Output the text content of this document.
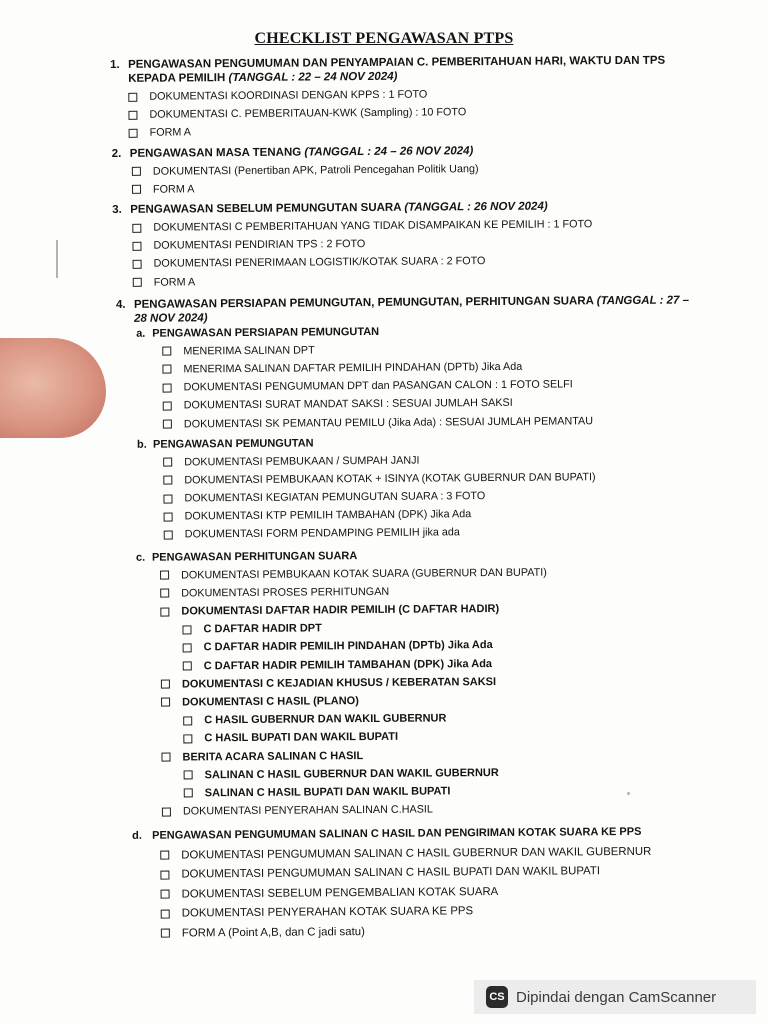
CHECKLIST PENGAWASAN PTPS
1. PENGAWASAN PENGUMUMAN DAN PENYAMPAIAN C. PEMBERITAHUAN HARI, WAKTU DAN TPS KEPADA PEMILIH (TANGGAL : 22 – 24 NOV 2024)
DOKUMENTASI KOORDINASI DENGAN KPPS : 1 FOTO
DOKUMENTASI C. PEMBERITAUAN-KWK (Sampling) : 10 FOTO
FORM A
2. PENGAWASAN MASA TENANG (TANGGAL : 24 – 26 NOV 2024)
DOKUMENTASI (Penertiban APK, Patroli Pencegahan Politik Uang)
FORM A
3. PENGAWASAN SEBELUM PEMUNGUTAN SUARA (TANGGAL : 26 NOV 2024)
DOKUMENTASI C PEMBERITAHUAN YANG TIDAK DISAMPAIKAN KE PEMILIH : 1 FOTO
DOKUMENTASI PENDIRIAN TPS : 2 FOTO
DOKUMENTASI PENERIMAAN LOGISTIK/KOTAK SUARA : 2 FOTO
FORM A
4. PENGAWASAN PERSIAPAN PEMUNGUTAN, PEMUNGUTAN, PERHITUNGAN SUARA (TANGGAL : 27 – 28 NOV 2024)
a. PENGAWASAN PERSIAPAN PEMUNGUTAN
MENERIMA SALINAN DPT
MENERIMA SALINAN DAFTAR PEMILIH PINDAHAN (DPTb) Jika Ada
DOKUMENTASI PENGUMUMAN DPT dan PASANGAN CALON : 1 FOTO SELFI
DOKUMENTASI SURAT MANDAT SAKSI : SESUAI JUMLAH SAKSI
DOKUMENTASI SK PEMANTAU PEMILU (Jika Ada) : SESUAI JUMLAH PEMANTAU
b. PENGAWASAN PEMUNGUTAN
DOKUMENTASI PEMBUKAAN / SUMPAH JANJI
DOKUMENTASI PEMBUKAAN KOTAK + ISINYA (KOTAK GUBERNUR DAN BUPATI)
DOKUMENTASI KEGIATAN PEMUNGUTAN SUARA : 3 FOTO
DOKUMENTASI KTP PEMILIH TAMBAHAN (DPK) Jika Ada
DOKUMENTASI FORM PENDAMPING PEMILIH jika ada
c. PENGAWASAN PERHITUNGAN SUARA
DOKUMENTASI PEMBUKAAN KOTAK SUARA (GUBERNUR DAN BUPATI)
DOKUMENTASI PROSES PERHITUNGAN
DOKUMENTASI DAFTAR HADIR PEMILIH (C DAFTAR HADIR)
C DAFTAR HADIR DPT
C DAFTAR HADIR PEMILIH PINDAHAN (DPTb) Jika Ada
C DAFTAR HADIR PEMILIH TAMBAHAN (DPK) Jika Ada
DOKUMENTASI C KEJADIAN KHUSUS / KEBERATAN SAKSI
DOKUMENTASI C HASIL (PLANO)
C HASIL GUBERNUR DAN WAKIL GUBERNUR
C HASIL BUPATI DAN WAKIL BUPATI
BERITA ACARA SALINAN C HASIL
SALINAN C HASIL GUBERNUR DAN WAKIL GUBERNUR
SALINAN C HASIL BUPATI DAN WAKIL BUPATI
DOKUMENTASI PENYERAHAN SALINAN C.HASIL
d. PENGAWASAN PENGUMUMAN SALINAN C HASIL DAN PENGIRIMAN KOTAK SUARA KE PPS
DOKUMENTASI PENGUMUMAN SALINAN C HASIL GUBERNUR DAN WAKIL GUBERNUR
DOKUMENTASI PENGUMUMAN SALINAN C HASIL BUPATI DAN WAKIL BUPATI
DOKUMENTASI SEBELUM PENGEMBALIAN KOTAK SUARA
DOKUMENTASI PENYERAHAN KOTAK SUARA KE PPS
FORM A (Point A,B, dan C jadi satu)
CS Dipindai dengan CamScanner
